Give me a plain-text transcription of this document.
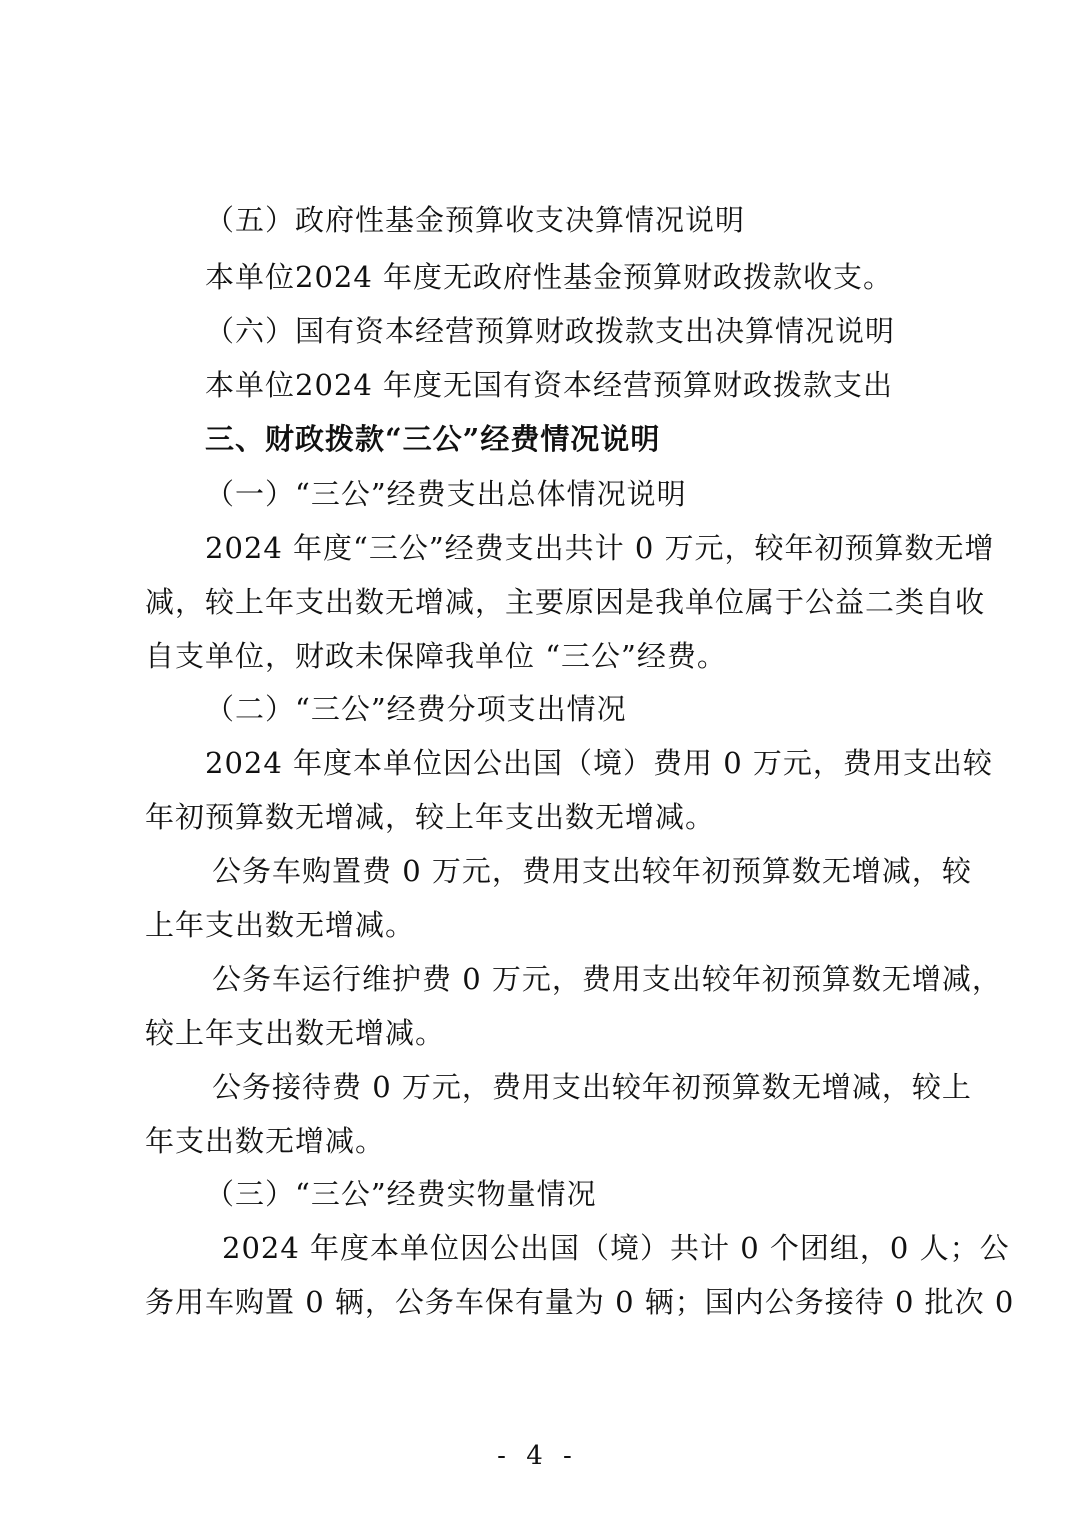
（五）政府性基金预算收支决算情况说明
本单位2024 年度无政府性基金预算财政拨款收支。
（六）国有资本经营预算财政拨款支出决算情况说明
本单位2024 年度无国有资本经营预算财政拨款支出
三、财政拨款“三公”经费情况说明
（一）“三公”经费支出总体情况说明
2024 年度“三公”经费支出共计 0 万元，较年初预算数无增
减，较上年支出数无增减，主要原因是我单位属于公益二类自收
自支单位，财政未保障我单位 “三公”经费。
（二）“三公”经费分项支出情况
2024 年度本单位因公出国（境）费用 0 万元，费用支出较
年初预算数无增减，较上年支出数无增减。
公务车购置费 0 万元，费用支出较年初预算数无增减，较
上年支出数无增减。
公务车运行维护费 0 万元，费用支出较年初预算数无增减，
较上年支出数无增减。
公务接待费 0 万元，费用支出较年初预算数无增减，较上
年支出数无增减。
（三）“三公”经费实物量情况
2024 年度本单位因公出国（境）共计 0 个团组，0 人；公
务用车购置 0 辆，公务车保有量为 0 辆；国内公务接待 0 批次 0
- 4 -
